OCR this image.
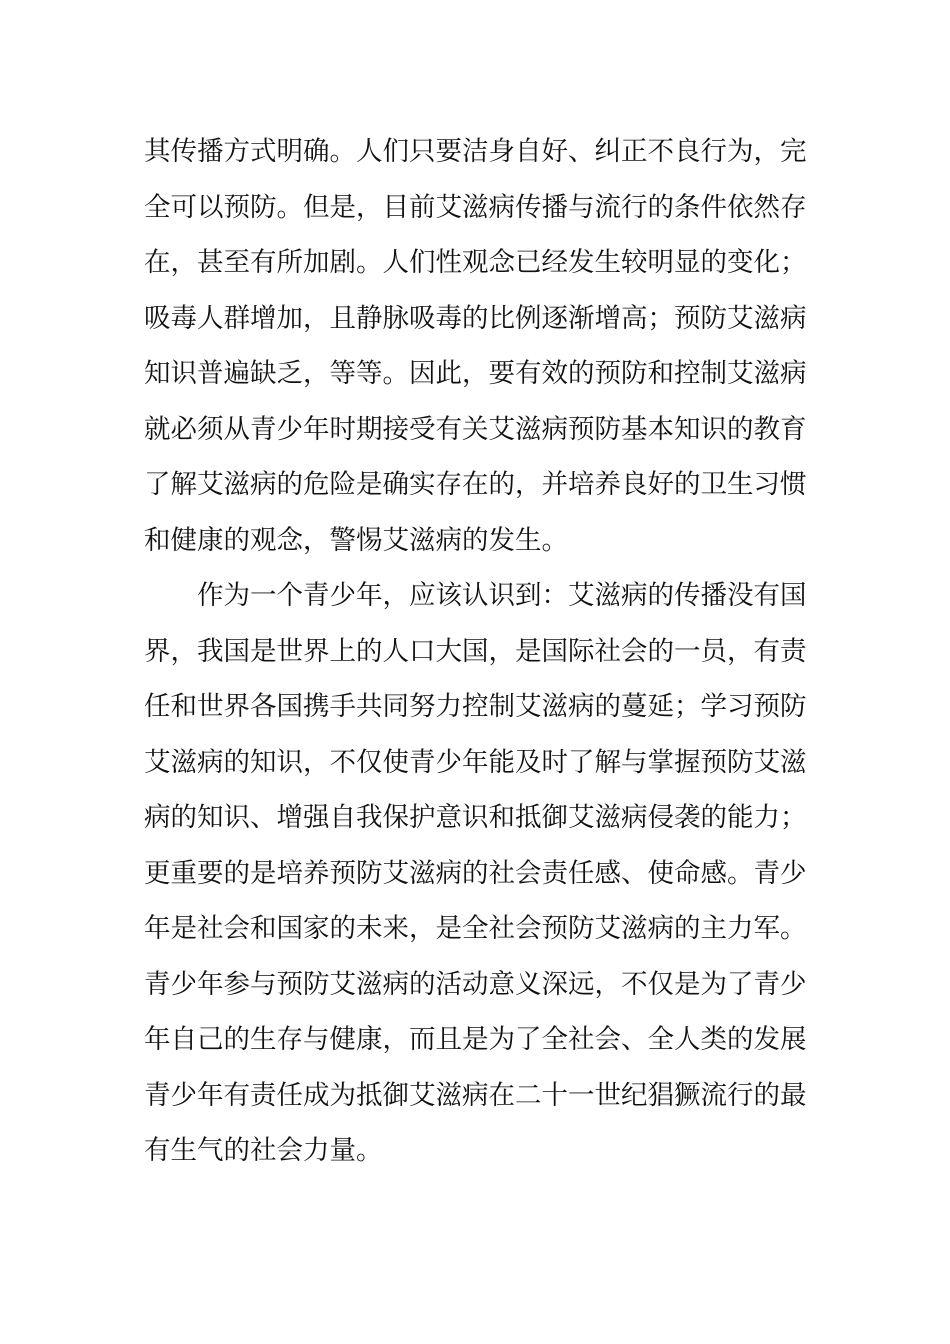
其传播方式明确。人们只要洁身自好、纠正不良行为，完
全可以预防。但是，目前艾滋病传播与流行的条件依然存
在，甚至有所加剧。人们性观念已经发生较明显的变化；
吸毒人群增加，且静脉吸毒的比例逐渐增高；预防艾滋病
知识普遍缺乏，等等。因此，要有效的预防和控制艾滋病
就必须从青少年时期接受有关艾滋病预防基本知识的教育
了解艾滋病的危险是确实存在的，并培养良好的卫生习惯
和健康的观念，警惕艾滋病的发生。
作为一个青少年，应该认识到：艾滋病的传播没有国
界，我国是世界上的人口大国，是国际社会的一员，有责
任和世界各国携手共同努力控制艾滋病的蔓延；学习预防
艾滋病的知识，不仅使青少年能及时了解与掌握预防艾滋
病的知识、增强自我保护意识和抵御艾滋病侵袭的能力；
更重要的是培养预防艾滋病的社会责任感、使命感。青少
年是社会和国家的未来，是全社会预防艾滋病的主力军。
青少年参与预防艾滋病的活动意义深远，不仅是为了青少
年自己的生存与健康，而且是为了全社会、全人类的发展
青少年有责任成为抵御艾滋病在二十一世纪猖獗流行的最
有生气的社会力量。
